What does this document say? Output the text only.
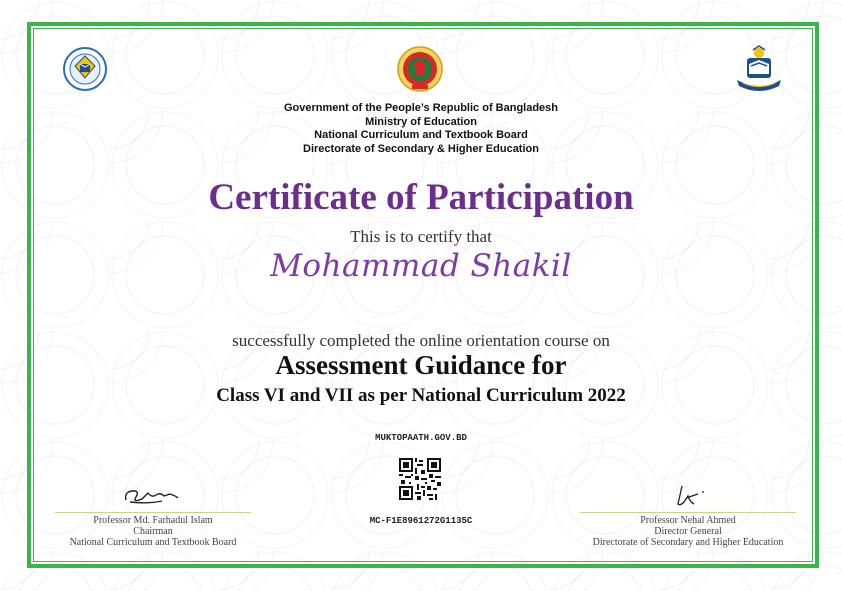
Government of the People’s Republic of Bangladesh
Ministry of Education
National Curriculum and Textbook Board
Directorate of Secondary & Higher Education
Certificate of Participation
This is to certify that
Mohammad Shakil
successfully completed the online orientation course on
Assessment Guidance for
Class VI and VII as per National Curriculum 2022
MUKTOPAATH.GOV.BD
MC-F1E8961272G1135C
Professor Md. Farhadul Islam
Chairman
National Curriculum and Textbook Board
Professor Nehal Ahmed
Director General
Directorate of Secondary and Higher Education
